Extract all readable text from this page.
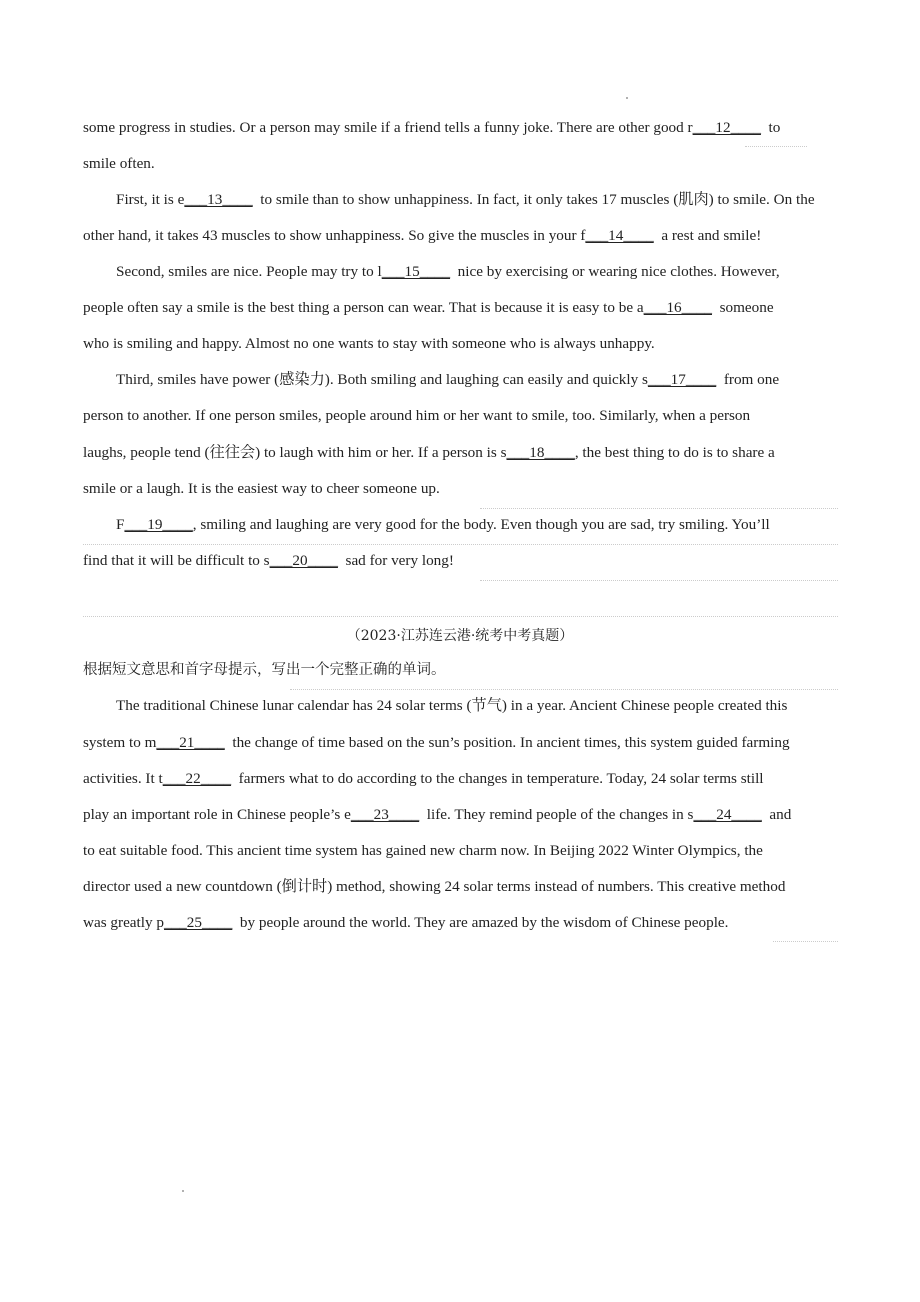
some progress in studies. Or a person may smile if a friend tells a funny joke. There are other good r___12____  to
smile often.
First, it is e___13____  to smile than to show unhappiness. In fact, it only takes 17 muscles (肌肉) to smile. On the
other hand, it takes 43 muscles to show unhappiness. So give the muscles in your f___14____  a rest and smile!
Second, smiles are nice. People may try to l___15____  nice by exercising or wearing nice clothes. However,
people often say a smile is the best thing a person can wear. That is because it is easy to be a___16____  someone
who is smiling and happy. Almost no one wants to stay with someone who is always unhappy.
Third, smiles have power (感染力). Both smiling and laughing can easily and quickly s___17____  from one
person to another. If one person smiles, people around him or her want to smile, too. Similarly, when a person
laughs, people tend (往往会) to laugh with him or her. If a person is s___18____, the best thing to do is to share a
smile or a laugh. It is the easiest way to cheer someone up.
F___19____, smiling and laughing are very good for the body. Even though you are sad, try smiling. You’ll
find that it will be difficult to s___20____  sad for very long!
（2023·江苏连云港·统考中考真题）
根据短文意思和首字母提示，写出一个完整正确的单词。
The traditional Chinese lunar calendar has 24 solar terms (节气) in a year. Ancient Chinese people created this
system to m___21____  the change of time based on the sun’s position. In ancient times, this system guided farming
activities. It t___22____  farmers what to do according to the changes in temperature. Today, 24 solar terms still
play an important role in Chinese people’s e___23____  life. They remind people of the changes in s___24____  and
to eat suitable food. This ancient time system has gained new charm now. In Beijing 2022 Winter Olympics, the
director used a new countdown (倒计时) method, showing 24 solar terms instead of numbers. This creative method
was greatly p___25____  by people around the world. They are amazed by the wisdom of Chinese people.
